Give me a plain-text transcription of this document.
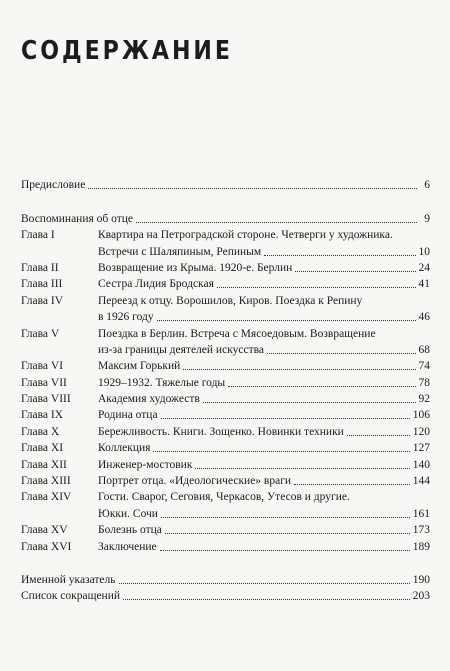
СОДЕРЖАНИЕ
Предисловие	6
Воспоминания об отце	9
Глава I	Квартира на Петроградской стороне. Четверги у художника.
Встречи с Шаляпиным, Репиным	10
Глава II	Возвращение из Крыма. 1920-е. Берлин	24
Глава III	Сестра Лидия Бродская	41
Глава IV	Переезд к отцу. Ворошилов, Киров. Поездка к Репину
в 1926 году	46
Глава V	Поездка в Берлин. Встреча с Мясоедовым. Возвращение
из-за границы деятелей искусства	68
Глава VI	Максим Горький	74
Глава VII	1929–1932. Тяжелые годы	78
Глава VIII	Академия художеств	92
Глава IX	Родина отца	106
Глава X	Бережливость. Книги. Зощенко. Новинки техники	120
Глава XI	Коллекция	127
Глава XII	Инженер-мостовик	140
Глава XIII	Портрет отца. «Идеологические» враги	144
Глава XIV	Гости. Сварог, Сеговия, Черкасов, Утесов и другие.
Юкки. Сочи	161
Глава XV	Болезнь отца	173
Глава XVI	Заключение	189
Именной указатель	190
Список сокращений	203
